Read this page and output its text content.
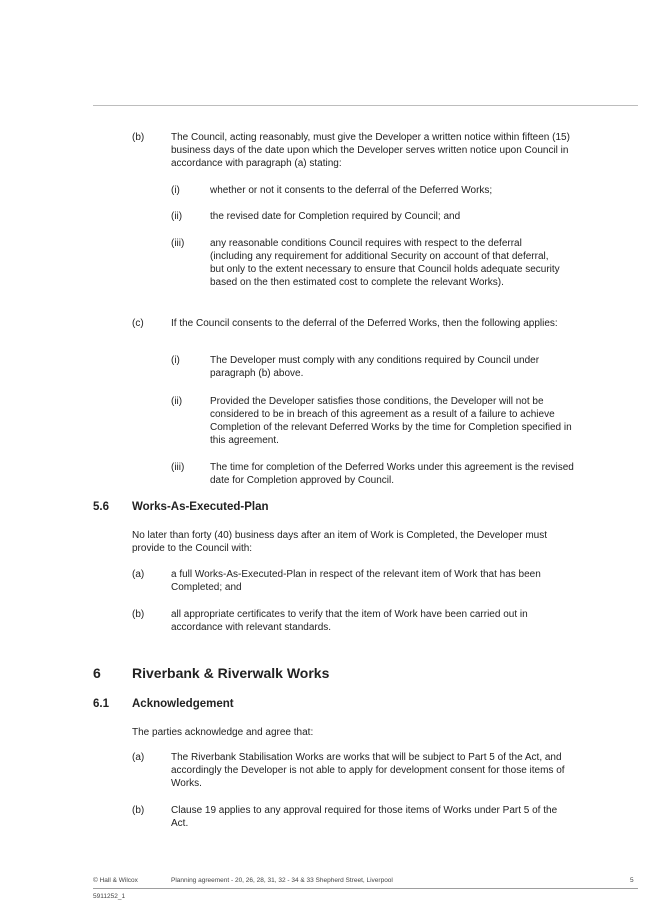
(b)	The Council, acting reasonably, must give the Developer a written notice within fifteen (15) business days of the date upon which the Developer serves written notice upon Council in accordance with paragraph (a) stating:
(i)	whether or not it consents to the deferral of the Deferred Works;
(ii)	the revised date for Completion required by Council; and
(iii)	any reasonable conditions Council requires with respect to the deferral (including any requirement for additional Security on account of that deferral, but only to the extent necessary to ensure that Council holds adequate security based on the then estimated cost to complete the relevant Works).
(c)	If the Council consents to the deferral of the Deferred Works, then the following applies:
(i)	The Developer must comply with any conditions required by Council under paragraph (b) above.
(ii)	Provided the Developer satisfies those conditions, the Developer will not be considered to be in breach of this agreement as a result of a failure to achieve Completion of the relevant Deferred Works by the time for Completion specified in this agreement.
(iii)	The time for completion of the Deferred Works under this agreement is the revised date for Completion approved by Council.
5.6 Works-As-Executed-Plan
No later than forty (40) business days after an item of Work is Completed, the Developer must provide to the Council with:
(a)	a full Works-As-Executed-Plan in respect of the relevant item of Work that has been Completed; and
(b)	all appropriate certificates to verify that the item of Work have been carried out in accordance with relevant standards.
6 Riverbank & Riverwalk Works
6.1 Acknowledgement
The parties acknowledge and agree that:
(a)	The Riverbank Stabilisation Works are works that will be subject to Part 5 of the Act, and accordingly the Developer is not able to apply for development consent for those items of Works.
(b)	Clause 19 applies to any approval required for those items of Works under Part 5 of the Act.
© Hall & Wilcox	Planning agreement - 20, 26, 28, 31, 32 - 34 & 33 Shepherd Street, Liverpool	5
5911252_1
